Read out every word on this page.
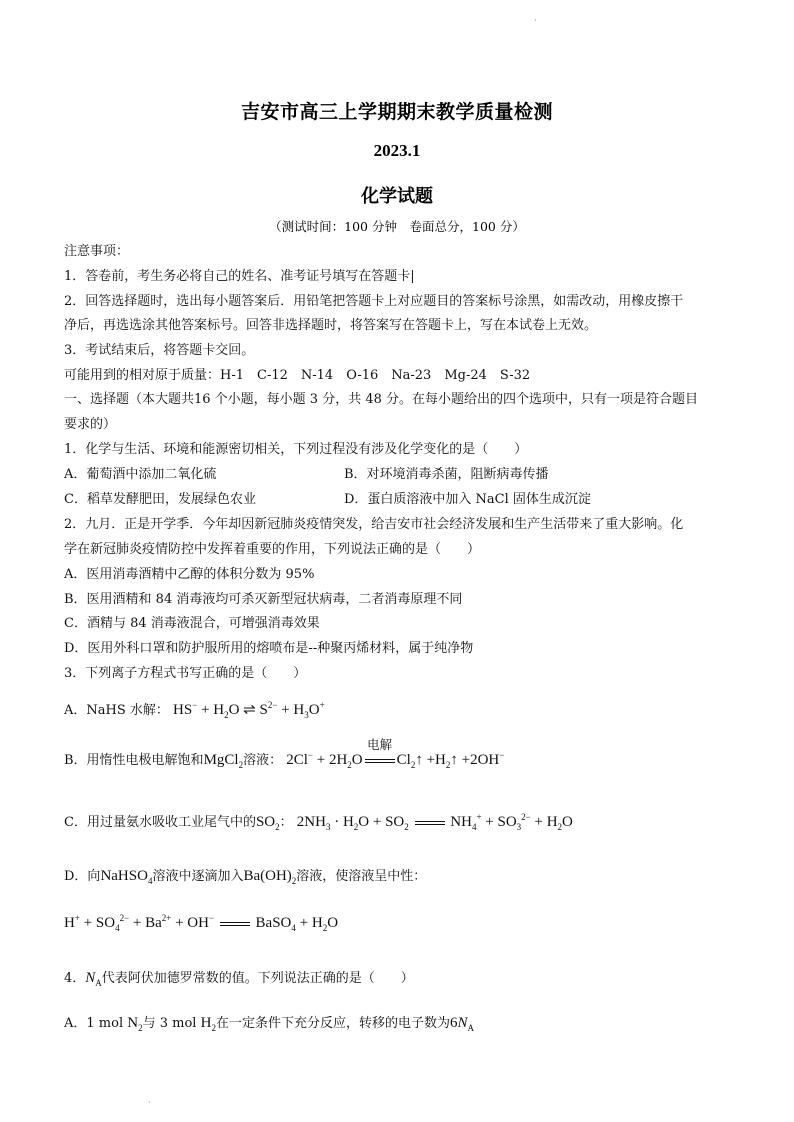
·
吉安市高三上学期期末教学质量检测
2023.1
化学试题
（测试时间：100 分钟　卷面总分，100 分）
注意事项：
1．答卷前，考生务必将自己的姓名、准考证号填写在答题卡|
2．回答选择题时，选出每小题答案后．用铅笔把答题卡上对应题目的答案标号涂黑，如需改动，用橡皮擦干
净后，再选选涂其他答案标号。回答非选择题时，将答案写在答题卡上，写在本试卷上无效。
3．考试结束后，将答题卡交回。
可能用到的相对原于质量：H-1　C-12　N-14　O-16　Na-23　Mg-24　S-32
一、选择题（本大题共16 个小题，每小题 3 分，共 48 分。在每小题给出的四个选项中，只有一项是符合题目
要求的）
1．化学与生活、环境和能源密切相关，下列过程没有涉及化学变化的是（　　）
A．葡萄酒中添加二氧化硫	B．对环境消毒杀菌，阻断病毒传播
C．稻草发酵肥田，发展绿色农业	D．蛋白质溶液中加入 NaCl 固体生成沉淀
2．九月．正是开学季．今年却因新冠肺炎疫情突发，给吉安市社会经济发展和生产生活带来了重大影响。化
学在新冠肺炎疫情防控中发挥着重要的作用，下列说法正确的是（　　）
A．医用消毒酒精中乙醇的体积分数为 95%
B．医用酒精和 84 消毒液均可杀灭新型冠状病毒，二者消毒原理不同
C．酒精与 84 消毒液混合，可增强消毒效果
D．医用外科口罩和防护服所用的熔喷布是--种聚丙烯材料，属于纯净物
3．下列离子方程式书写正确的是（　　）
A．NaHS 水解： $HS^- + H_2O$ ⇌ $S^{2-} + H_3O^+$
B．用惰性电极电解饱和MgCl$_2$溶液： $2Cl^- + 2H_2O$
电解
$Cl_2↑$ $+H_2↑ +2OH^-$
C．用过量氨水吸收工业尾气中的$SO_2$： $2NH_3 \cdot H_2O + SO_2$	$NH_4^+ + SO_3^{2-} + H_2O$
D．向NaHSO$_4$溶液中逐滴加入$Ba(OH)_2$溶液，使溶液呈中性：
$H^+ + SO_4^{2-} + Ba^{2+} + OH^-$	BaSO$_4$ + $H_2O$
4．$N_A$代表阿伏加德罗常数的值。下列说法正确的是（　　）
A．1 mol $N_2$与 3 mol $H_2$在一定条件下充分反应，转移的电子数为$6N_A$
·
